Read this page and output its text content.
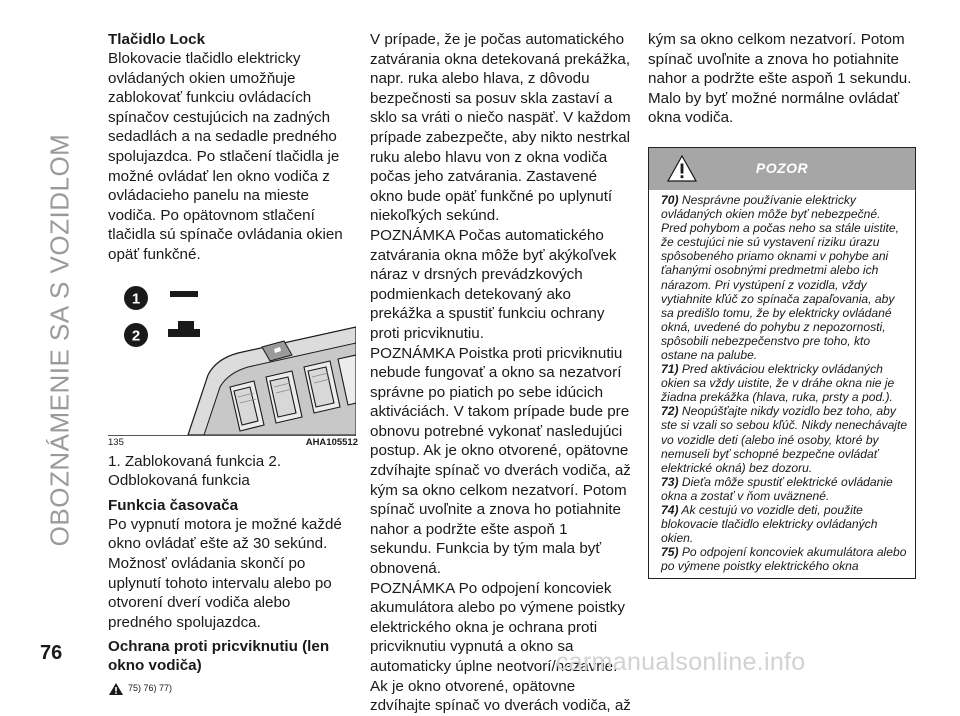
OBOZNÁMENIE SA S VOZIDLOM
Tlačidlo Lock

Blokovacie tlačidlo elektricky ovládaných okien umožňuje zablokovať funkciu ovládacích spínačov cestujúcich na zadných sedadlách a na sedadle predného spolujazdca. Po stlačení tlačidla je možné ovládať len okno vodiča z ovládacieho panelu na mieste vodiča. Po opätovnom stlačení tlačidla sú spínače ovládania okien opäť funkčné.

1
2
135	AHA105512

1. Zablokovaná funkcia 2. Odblokovaná funkcia

Funkcia časovača

Po vypnutí motora je možné každé okno ovládať ešte až 30 sekúnd. Možnosť ovládania skončí po uplynutí tohoto intervalu alebo po otvorení dverí vodiča alebo predného spolujazdca.

Ochrana proti pricviknutiu (len okno vodiča)
75) 76) 77)

V prípade, že je počas automatického zatvárania okna detekovaná prekážka, napr. ruka alebo hlava, z dôvodu bezpečnosti sa posuv skla zastaví a sklo sa vráti o niečo naspäť. V každom prípade zabezpečte, aby nikto nestrkal ruku alebo hlavu von z okna vodiča počas jeho zatvárania. Zastavené okno bude opäť funkčné po uplynutí niekoľkých sekúnd.

POZNÁMKA Počas automatického zatvárania okna môže byť akýkoľvek náraz v drsných prevádzkových podmienkach detekovaný ako prekážka a spustiť funkciu ochrany proti pricviknutiu.

POZNÁMKA Poistka proti pricviknutiu nebude fungovať a okno sa nezatvorí správne po piatich po sebe idúcich aktiváciách. V takom prípade bude pre obnovu potrebné vykonať nasledujúci postup. Ak je okno otvorené, opätovne zdvíhajte spínač vo dverách vodiča, až kým sa okno celkom nezatvorí. Potom spínač uvoľnite a znova ho potiahnite nahor a podržte ešte aspoň 1 sekundu. Funkcia by tým mala byť obnovená.

POZNÁMKA Po odpojení koncoviek akumulátora alebo po výmene poistky elektrického okna je ochrana proti pricviknutiu vypnutá a okno sa automaticky úplne neotvorí/nezavrie. Ak je okno otvorené, opätovne zdvíhajte spínač vo dverách vodiča, až

kým sa okno celkom nezatvorí. Potom spínač uvoľnite a znova ho potiahnite nahor a podržte ešte aspoň 1 sekundu. Malo by byť možné normálne ovládať okna vodiča.

POZOR
70) Nesprávne používanie elektricky ovládaných okien môže byť nebezpečné. Pred pohybom a počas neho sa stále uistite, že cestujúci nie sú vystavení riziku úrazu spôsobeného priamo oknami v pohybe ani ťahanými osobnými predmetmi alebo ich nárazom. Pri vystúpení z vozidla, vždy vytiahnite kľúč zo spínača zapaľovania, aby sa predišlo tomu, že by elektricky ovládané okná, uvedené do pohybu z nepozornosti, spôsobili nebezpečenstvo pre toho, kto ostane na palube.
71) Pred aktiváciou elektricky ovládaných okien sa vždy uistite, že v dráhe okna nie je žiadna prekážka (hlava, ruka, prsty a pod.).
72) Neopúšťajte nikdy vozidlo bez toho, aby ste si vzali so sebou kľúč. Nikdy nenechávajte vo vozidle deti (alebo iné osoby, ktoré by nemuseli byť schopné bezpečne ovládať elektrické okná) bez dozoru.
73) Dieťa môže spustiť elektrické ovládanie okna a zostať v ňom uväznené.
74) Ak cestujú vo vozidle deti, použite blokovacie tlačidlo elektricky ovládaných okien.
75) Po odpojení koncoviek akumulátora alebo po výmene poistky elektrického okna
76	carmanualsonline.info
